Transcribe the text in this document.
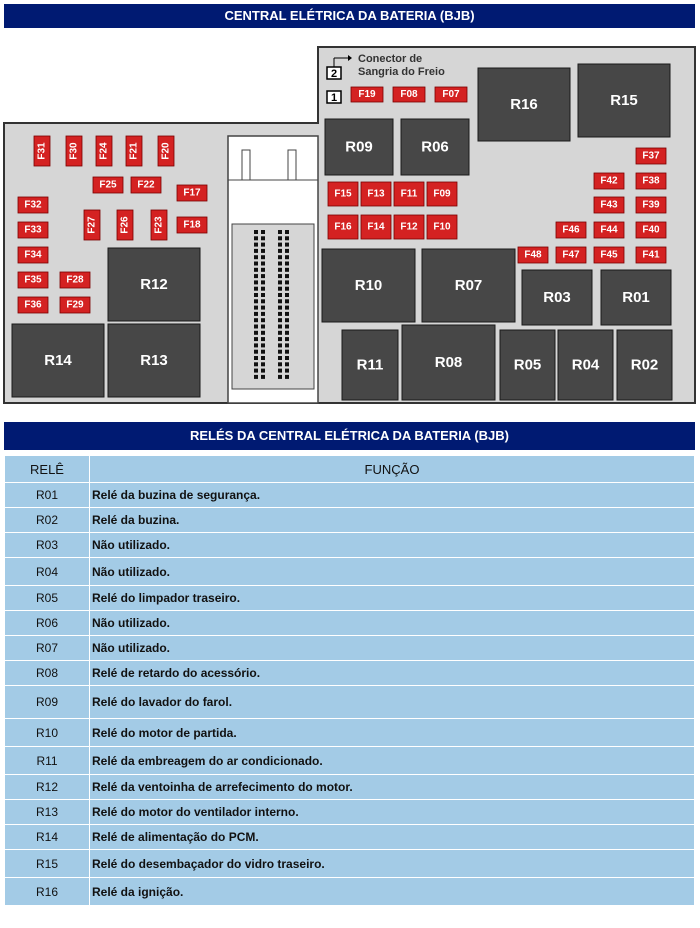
CENTRAL ELÉTRICA DA BATERIA (BJB)
2
1
Conector de
Sangria do Freio
F07
F08
F19
F31 F30 F24 F21 F20
F25 F22
F17
F32
F27 F26 F23 F18
F33
F34
F35 F28
F36 F29
F15 F13 F11 F09
F16 F14 F12 F10
F37
F42 F38
F43 F39
F46 F44 F40
F48 F47 F45 F41
R16	R15
R09	R06
R10	R07
R03	R01
R11	R08	R05 R04 R02
R12
R14	R13
RELÉS DA CENTRAL ELÉTRICA DA BATERIA (BJB)
RELÊ	FUNÇÃO
R01	Relé da buzina de segurança.
R02	Relé da buzina.
R03	Não utilizado.
R04	Não utilizado.
R05	Relé do limpador traseiro.
R06	Não utilizado.
R07	Não utilizado.
R08	Relé de retardo do acessório.
R09	Relé do lavador do farol.
R10	Relé do motor de partida.
R11	Relé da embreagem do ar condicionado.
R12	Relé da ventoinha de arrefecimento do motor.
R13	Relé do motor do ventilador interno.
R14	Relé de alimentação do PCM.
R15	Relé do desembaçador do vidro traseiro.
R16	Relé da ignição.
